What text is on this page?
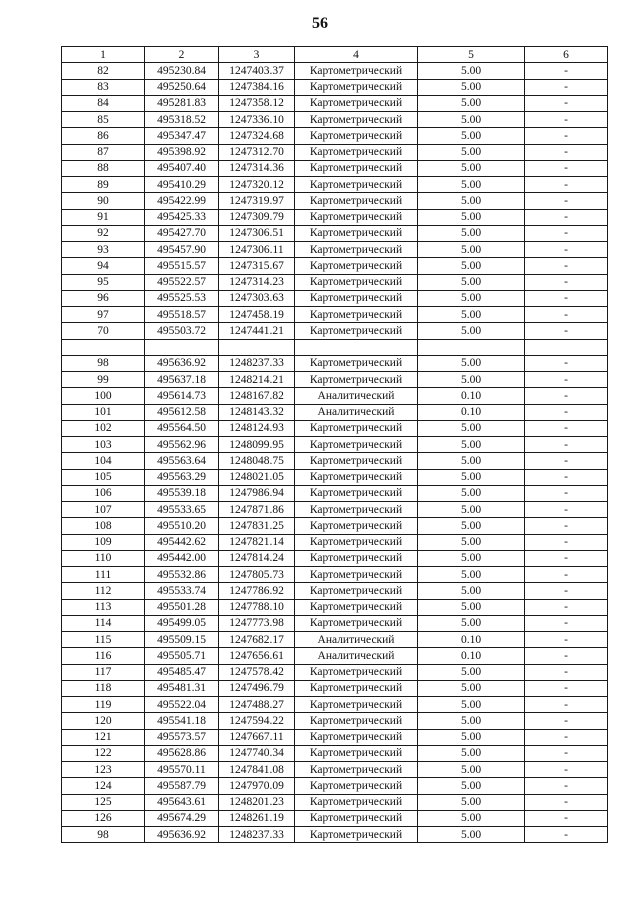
56
1	2	3	4	5	6
82	495230.84	1247403.37	Картометрический	5.00	-
83	495250.64	1247384.16	Картометрический	5.00	-
84	495281.83	1247358.12	Картометрический	5.00	-
85	495318.52	1247336.10	Картометрический	5.00	-
86	495347.47	1247324.68	Картометрический	5.00	-
87	495398.92	1247312.70	Картометрический	5.00	-
88	495407.40	1247314.36	Картометрический	5.00	-
89	495410.29	1247320.12	Картометрический	5.00	-
90	495422.99	1247319.97	Картометрический	5.00	-
91	495425.33	1247309.79	Картометрический	5.00	-
92	495427.70	1247306.51	Картометрический	5.00	-
93	495457.90	1247306.11	Картометрический	5.00	-
94	495515.57	1247315.67	Картометрический	5.00	-
95	495522.57	1247314.23	Картометрический	5.00	-
96	495525.53	1247303.63	Картометрический	5.00	-
97	495518.57	1247458.19	Картометрический	5.00	-
70	495503.72	1247441.21	Картометрический	5.00	-

98	495636.92	1248237.33	Картометрический	5.00	-
99	495637.18	1248214.21	Картометрический	5.00	-
100	495614.73	1248167.82	Аналитический	0.10	-
101	495612.58	1248143.32	Аналитический	0.10	-
102	495564.50	1248124.93	Картометрический	5.00	-
103	495562.96	1248099.95	Картометрический	5.00	-
104	495563.64	1248048.75	Картометрический	5.00	-
105	495563.29	1248021.05	Картометрический	5.00	-
106	495539.18	1247986.94	Картометрический	5.00	-
107	495533.65	1247871.86	Картометрический	5.00	-
108	495510.20	1247831.25	Картометрический	5.00	-
109	495442.62	1247821.14	Картометрический	5.00	-
110	495442.00	1247814.24	Картометрический	5.00	-
111	495532.86	1247805.73	Картометрический	5.00	-
112	495533.74	1247786.92	Картометрический	5.00	-
113	495501.28	1247788.10	Картометрический	5.00	-
114	495499.05	1247773.98	Картометрический	5.00	-
115	495509.15	1247682.17	Аналитический	0.10	-
116	495505.71	1247656.61	Аналитический	0.10	-
117	495485.47	1247578.42	Картометрический	5.00	-
118	495481.31	1247496.79	Картометрический	5.00	-
119	495522.04	1247488.27	Картометрический	5.00	-
120	495541.18	1247594.22	Картометрический	5.00	-
121	495573.57	1247667.11	Картометрический	5.00	-
122	495628.86	1247740.34	Картометрический	5.00	-
123	495570.11	1247841.08	Картометрический	5.00	-
124	495587.79	1247970.09	Картометрический	5.00	-
125	495643.61	1248201.23	Картометрический	5.00	-
126	495674.29	1248261.19	Картометрический	5.00	-
98	495636.92	1248237.33	Картометрический	5.00	-
